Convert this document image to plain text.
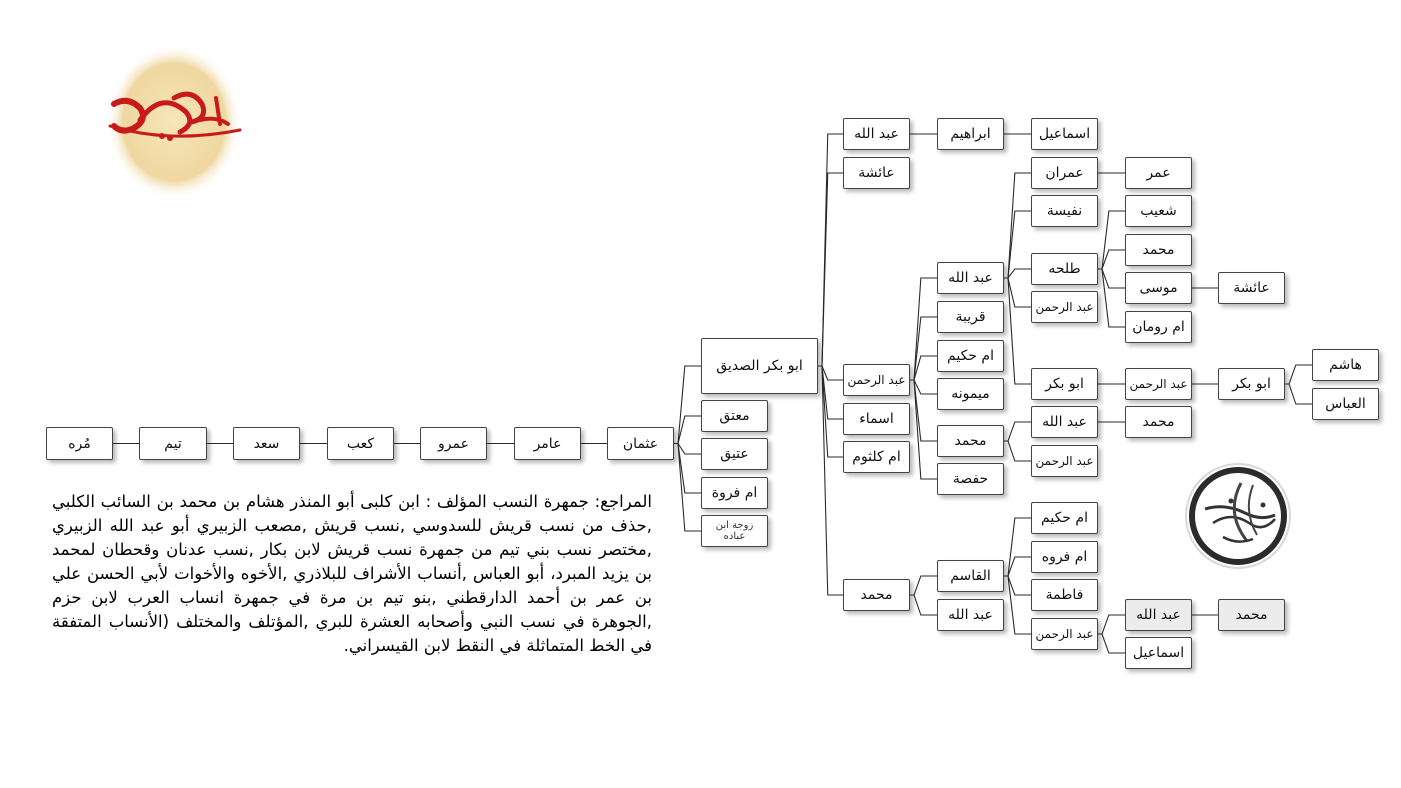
مُره	تيم	سعد	كعب	عمرو	عامر	عثمان
ابو بكر الصديق
معتق
عتيق
ام فروة
زوجة ابن عباده
عبد الله
عائشة
عبد الرحمن
اسماء
ام كلثوم
محمد
ابراهيم	اسماعيل
عبد الله
قريبة
ام حكيم
ميمونه
محمد
حفصة
عمران
نفيسة
طلحه
عبد الرحمن
ابو بكر
عمر
شعيب
محمد
موسى
ام رومان
عائشة
عبد الرحمن	ابو بكر
هاشم
العباس
عبد الله
عبد الرحمن
محمد
القاسم
عبد الله
ام حكيم
ام فروه
فاطمة
عبد الرحمن
عبد الله
اسماعيل
محمد
المراجع: جمهرة النسب المؤلف : ابن كلبى أبو المنذر هشام بن محمد بن السائب الكلبي ,حذف من نسب قريش للسدوسي ,نسب قريش ,مصعب الزبيري أبو عبد الله الزبيري ,مختصر نسب بني تيم من جمهرة نسب قريش لابن بكار ,نسب عدنان وقحطان لمحمد بن يزيد المبرد، أبو العباس ,أنساب الأشراف للبلاذري ,الأخوه والأخوات لأبي الحسن علي بن عمر بن أحمد الدارقطني ,بنو تيم بن مرة في جمهرة انساب العرب لابن حزم ,الجوهرة في نسب النبي وأصحابه العشرة للبري ,المؤتلف والمختلف (الأنساب المتفقة في الخط المتماثلة في النقط لابن القيسراني.
